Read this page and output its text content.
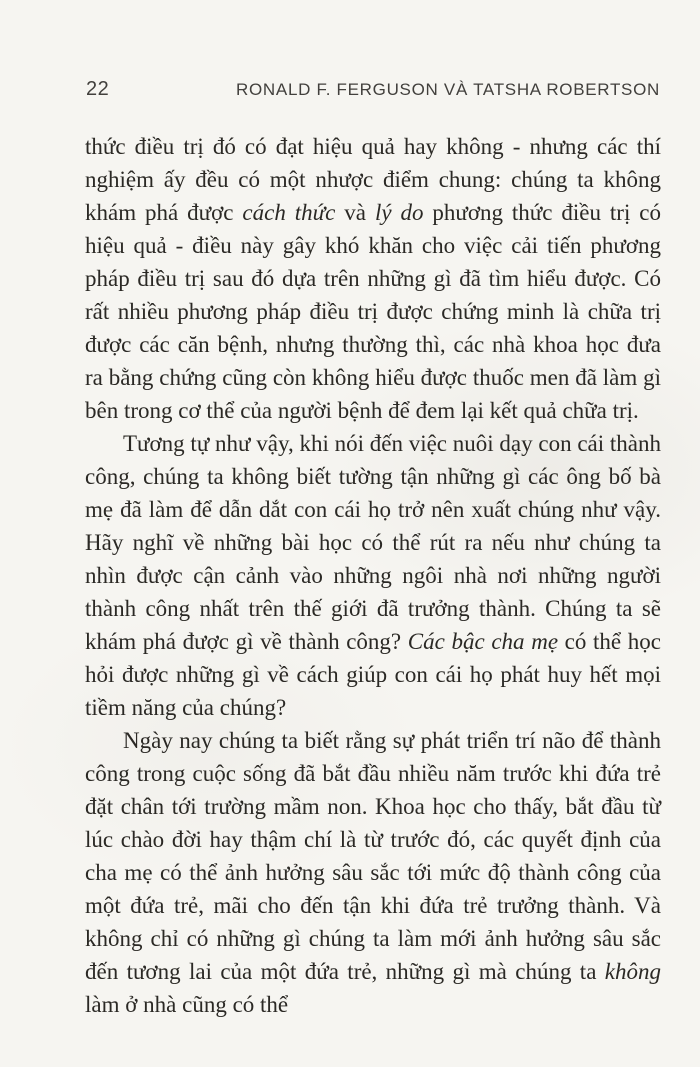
22	RONALD F. FERGUSON VÀ TATSHA ROBERTSON

thức điều trị đó có đạt hiệu quả hay không - nhưng các thí nghiệm ấy đều có một nhược điểm chung: chúng ta không khám phá được cách thức và lý do phương thức điều trị có hiệu quả - điều này gây khó khăn cho việc cải tiến phương pháp điều trị sau đó dựa trên những gì đã tìm hiểu được. Có rất nhiều phương pháp điều trị được chứng minh là chữa trị được các căn bệnh, nhưng thường thì, các nhà khoa học đưa ra bằng chứng cũng còn không hiểu được thuốc men đã làm gì bên trong cơ thể của người bệnh để đem lại kết quả chữa trị.

Tương tự như vậy, khi nói đến việc nuôi dạy con cái thành công, chúng ta không biết tường tận những gì các ông bố bà mẹ đã làm để dẫn dắt con cái họ trở nên xuất chúng như vậy. Hãy nghĩ về những bài học có thể rút ra nếu như chúng ta nhìn được cận cảnh vào những ngôi nhà nơi những người thành công nhất trên thế giới đã trưởng thành. Chúng ta sẽ khám phá được gì về thành công? Các bậc cha mẹ có thể học hỏi được những gì về cách giúp con cái họ phát huy hết mọi tiềm năng của chúng?

Ngày nay chúng ta biết rằng sự phát triển trí não để thành công trong cuộc sống đã bắt đầu nhiều năm trước khi đứa trẻ đặt chân tới trường mầm non. Khoa học cho thấy, bắt đầu từ lúc chào đời hay thậm chí là từ trước đó, các quyết định của cha mẹ có thể ảnh hưởng sâu sắc tới mức độ thành công của một đứa trẻ, mãi cho đến tận khi đứa trẻ trưởng thành. Và không chỉ có những gì chúng ta làm mới ảnh hưởng sâu sắc đến tương lai của một đứa trẻ, những gì mà chúng ta không làm ở nhà cũng có thể
